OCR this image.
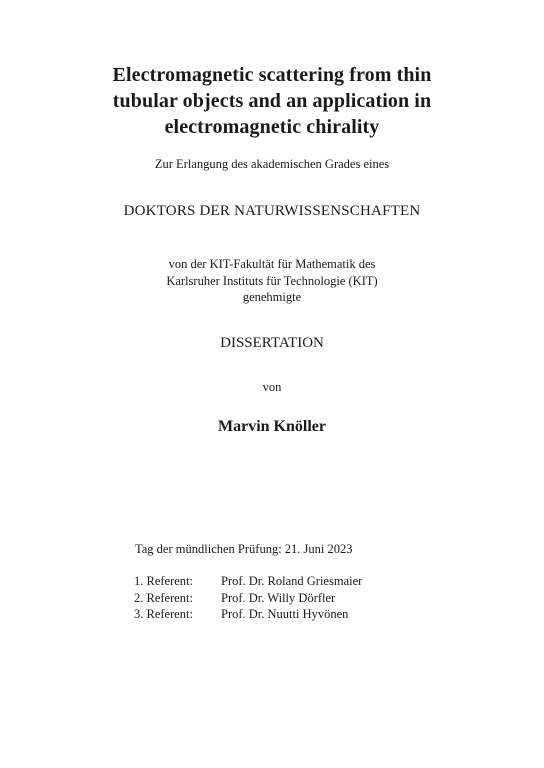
Electromagnetic scattering from thin
tubular objects and an application in
electromagnetic chirality
Zur Erlangung des akademischen Grades eines
DOKTORS DER NATURWISSENSCHAFTEN
von der KIT-Fakultät für Mathematik des
Karlsruher Instituts für Technologie (KIT)
genehmigte
DISSERTATION
von
Marvin Knöller
Tag der mündlichen Prüfung: 21. Juni 2023
1. Referent:	Prof. Dr. Roland Griesmaier
2. Referent:	Prof. Dr. Willy Dörfler
3. Referent:	Prof. Dr. Nuutti Hyvönen
